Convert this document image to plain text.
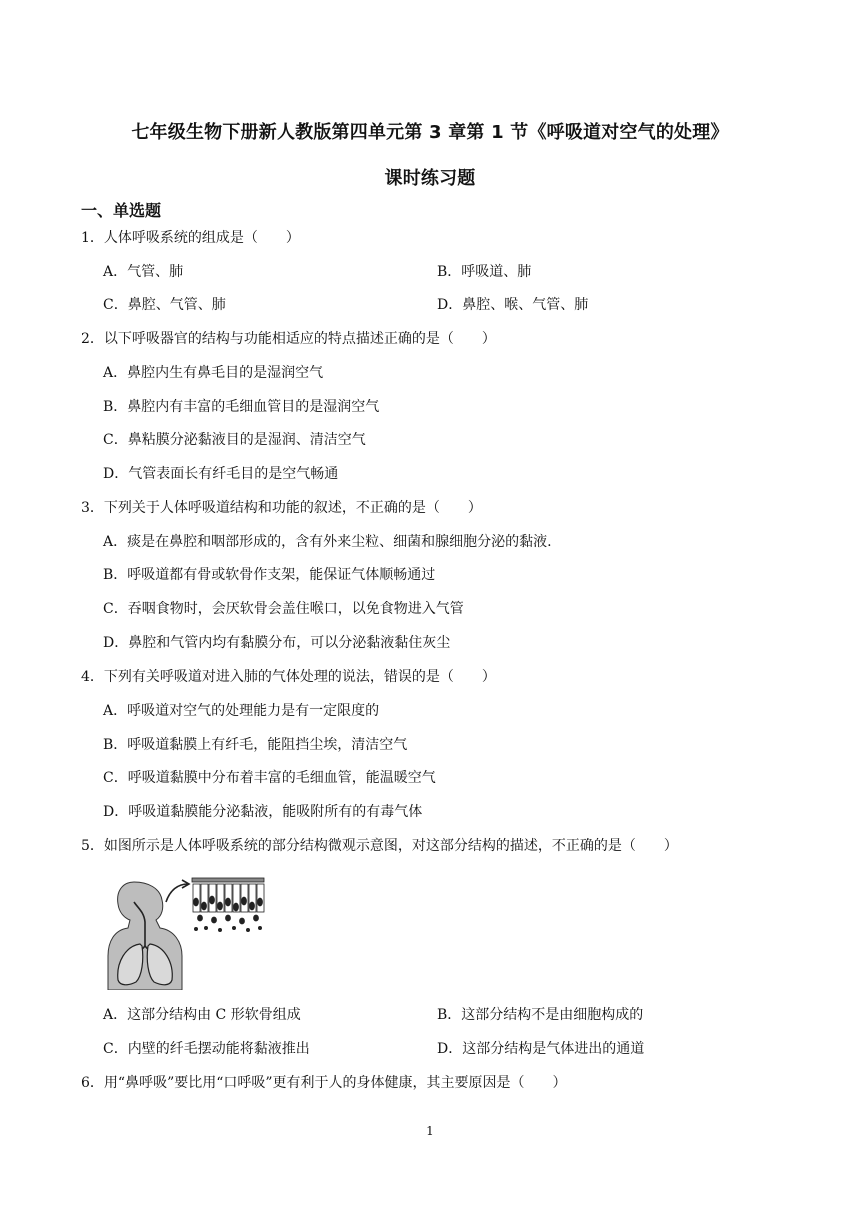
七年级生物下册新人教版第四单元第 3 章第 1 节《呼吸道对空气的处理》
课时练习题
一、单选题
1．人体呼吸系统的组成是（　　）
A．气管、肺	B．呼吸道、肺
C．鼻腔、气管、肺	D．鼻腔、喉、气管、肺
2．以下呼吸器官的结构与功能相适应的特点描述正确的是（　　）
A．鼻腔内生有鼻毛目的是湿润空气
B．鼻腔内有丰富的毛细血管目的是湿润空气
C．鼻粘膜分泌黏液目的是湿润、清洁空气
D．气管表面长有纤毛目的是空气畅通
3．下列关于人体呼吸道结构和功能的叙述，不正确的是（　　）
A．痰是在鼻腔和咽部形成的，含有外来尘粒、细菌和腺细胞分泌的黏液.
B．呼吸道都有骨或软骨作支架，能保证气体顺畅通过
C．吞咽食物时，会厌软骨会盖住喉口，以免食物进入气管
D．鼻腔和气管内均有黏膜分布，可以分泌黏液黏住灰尘
4．下列有关呼吸道对进入肺的气体处理的说法，错误的是（　　）
A．呼吸道对空气的处理能力是有一定限度的
B．呼吸道黏膜上有纤毛，能阻挡尘埃，清洁空气
C．呼吸道黏膜中分布着丰富的毛细血管，能温暖空气
D．呼吸道黏膜能分泌黏液，能吸附所有的有毒气体
5．如图所示是人体呼吸系统的部分结构微观示意图，对这部分结构的描述，不正确的是（　　）
A．这部分结构由 C 形软骨组成	B．这部分结构不是由细胞构成的
C．内壁的纤毛摆动能将黏液推出	D．这部分结构是气体进出的通道
6．用“鼻呼吸”要比用“口呼吸”更有利于人的身体健康，其主要原因是（　　）
1
